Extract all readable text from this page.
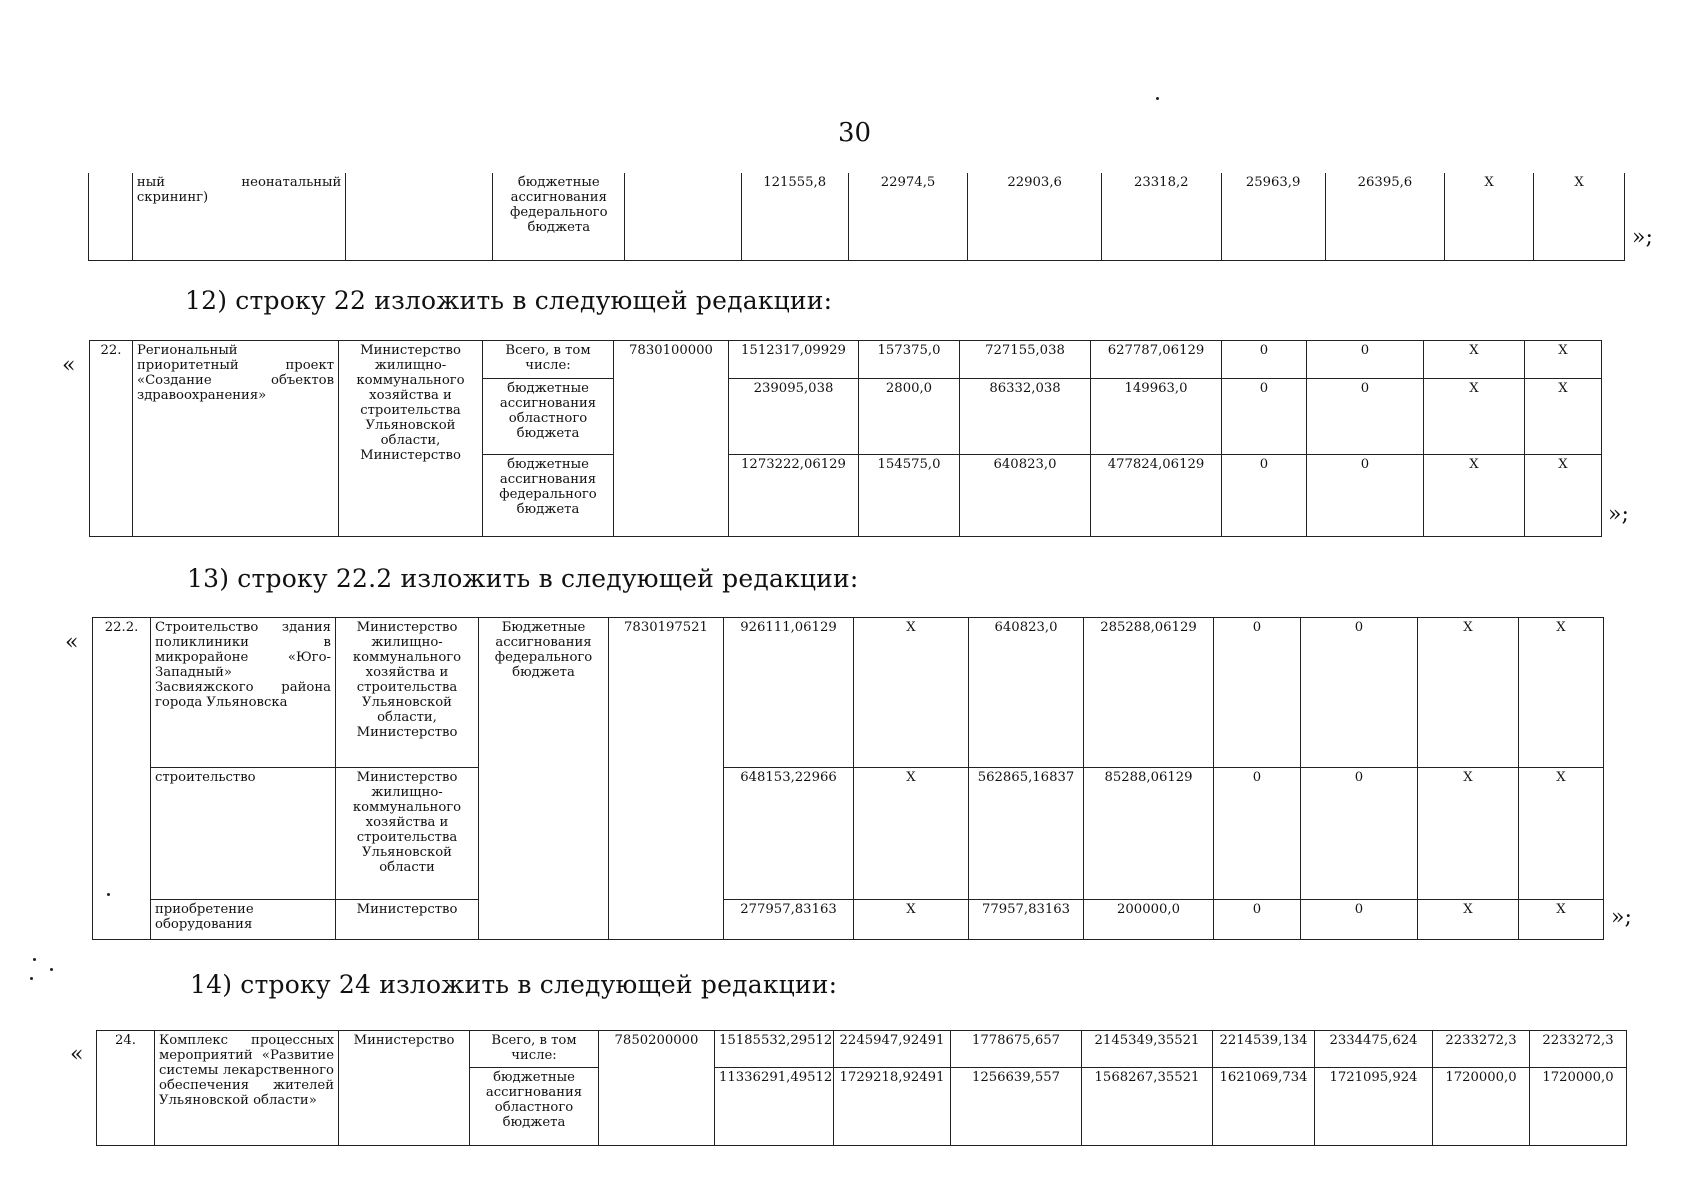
30
	ный неонатальный скрининг)		бюджетные ассигнования федерального бюджета		121555,8	22974,5	22903,6	23318,2	25963,9	26395,6	X	X
»;
12) строку 22 изложить в следующей редакции:
«
22.	Региональный приоритетный проект «Создание объектов здравоохранения»	Министерство жилищно-коммунального хозяйства и строительства Ульяновской области, Министерство	Всего, в том числе:	7830100000	1512317,09929	157375,0	727155,038	627787,06129	0	0	X	X
			бюджетные ассигнования областного бюджета		239095,038	2800,0	86332,038	149963,0	0	0	X	X
			бюджетные ассигнования федерального бюджета		1273222,06129	154575,0	640823,0	477824,06129	0	0	X	X
»;
13) строку 22.2 изложить в следующей редакции:
«
22.2.	Строительство здания поликлиники в микрорайоне «Юго-Западный» Засвияжского района города Ульяновска	Министерство жилищно-коммунального хозяйства и строительства Ульяновской области, Министерство	Бюджетные ассигнования федерального бюджета	7830197521	926111,06129	X	640823,0	285288,06129	0	0	X	X
	строительство	Министерство жилищно-коммунального хозяйства и строительства Ульяновской области			648153,22966	X	562865,16837	85288,06129	0	0	X	X
	приобретение оборудования	Министерство			277957,83163	X	77957,83163	200000,0	0	0	X	X »;
14) строку 24 изложить в следующей редакции:
«
24.	Комплекс процессных мероприятий «Развитие системы лекарственного обеспечения жителей Ульяновской области»	Министерство	Всего, в том числе:	7850200000	15185532,29512	2245947,92491	1778675,657	2145349,35521	2214539,134	2334475,624	2233272,3	2233272,3
			бюджетные ассигнования областного бюджета		11336291,49512	1729218,92491	1256639,557	1568267,35521	1621069,734	1721095,924	1720000,0	1720000,0
